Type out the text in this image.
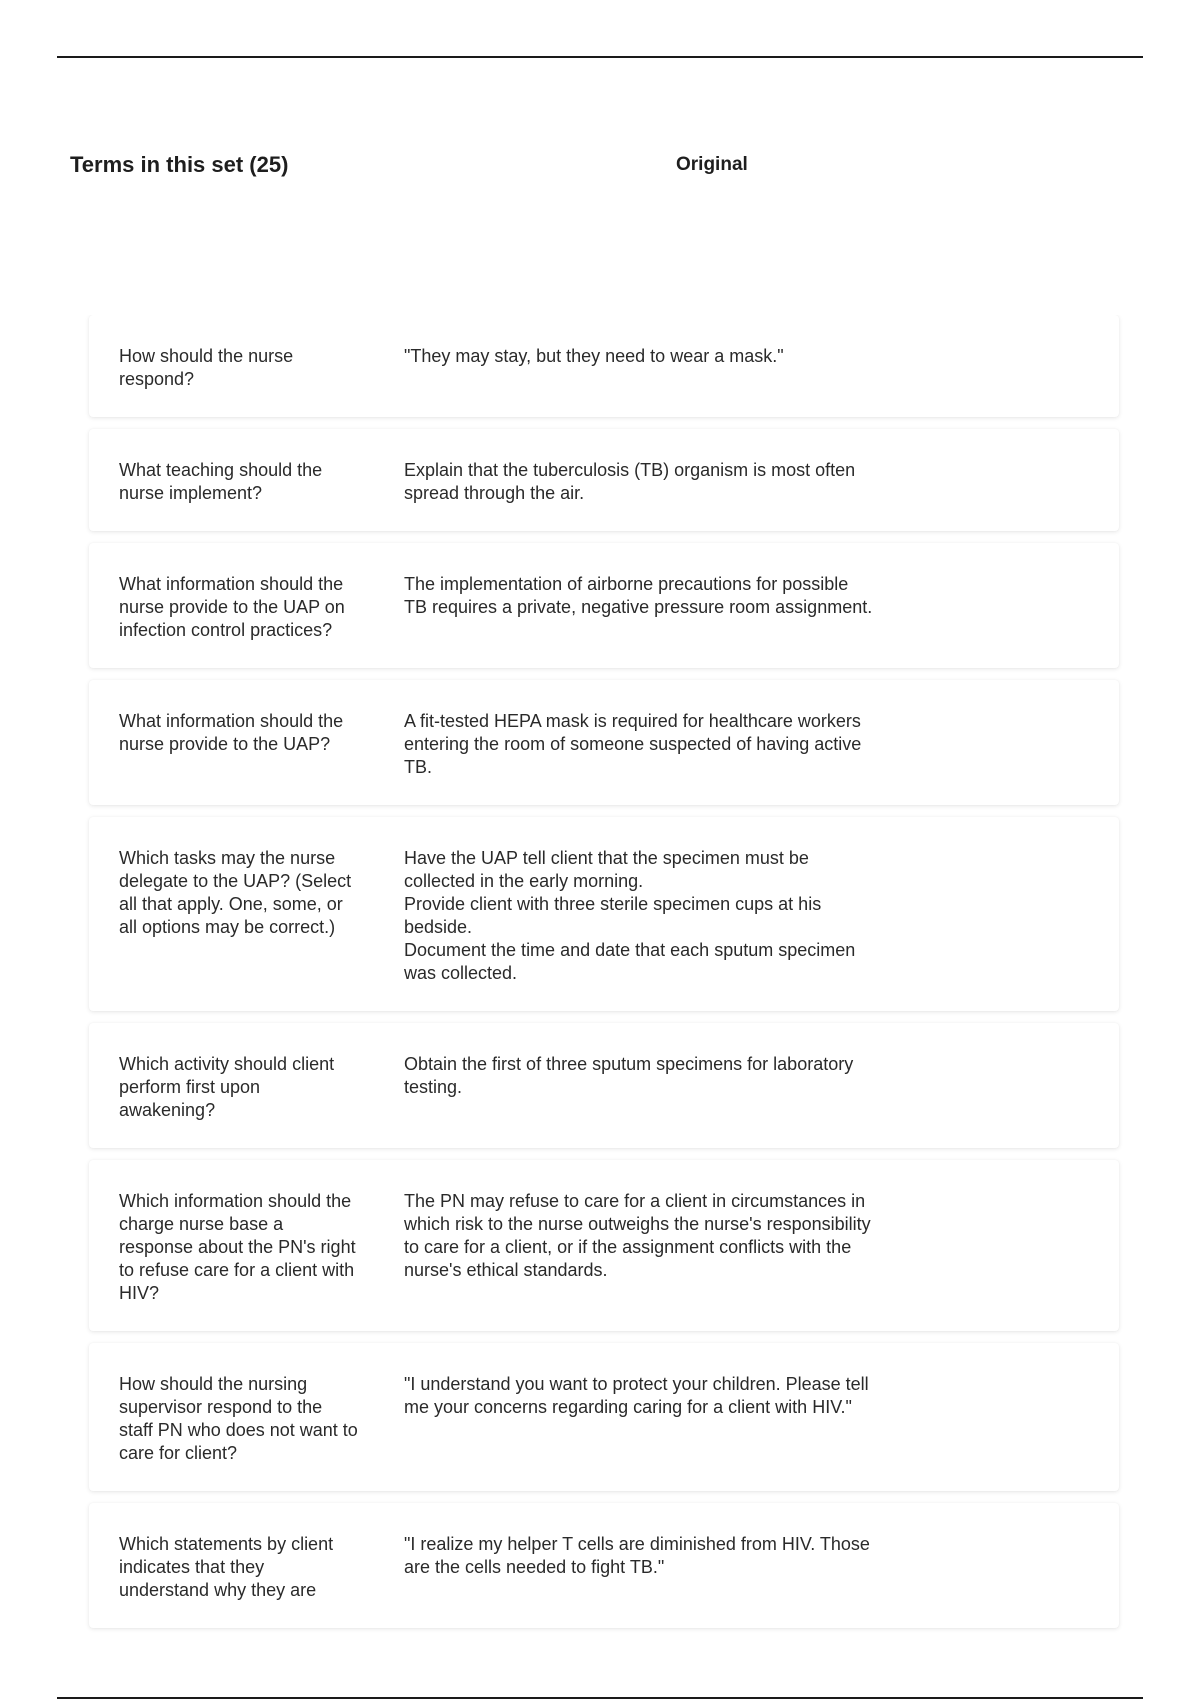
Terms in this set (25)	Original
How should the nurse respond?
"They may stay, but they need to wear a mask."
What teaching should the nurse implement?
Explain that the tuberculosis (TB) organism is most often spread through the air.
What information should the nurse provide to the UAP on infection control practices?
The implementation of airborne precautions for possible TB requires a private, negative pressure room assignment.
What information should the nurse provide to the UAP?
A fit-tested HEPA mask is required for healthcare workers entering the room of someone suspected of having active TB.
Which tasks may the nurse delegate to the UAP? (Select all that apply. One, some, or all options may be correct.)
Have the UAP tell client that the specimen must be collected in the early morning.
Provide client with three sterile specimen cups at his bedside.
Document the time and date that each sputum specimen was collected.
Which activity should client perform first upon awakening?
Obtain the first of three sputum specimens for laboratory testing.
Which information should the charge nurse base a response about the PN's right to refuse care for a client with HIV?
The PN may refuse to care for a client in circumstances in which risk to the nurse outweighs the nurse's responsibility to care for a client, or if the assignment conflicts with the nurse's ethical standards.
How should the nursing supervisor respond to the staff PN who does not want to care for client?
"I understand you want to protect your children. Please tell me your concerns regarding caring for a client with HIV."
Which statements by client indicates that they understand why they are
"I realize my helper T cells are diminished from HIV. Those are the cells needed to fight TB."
